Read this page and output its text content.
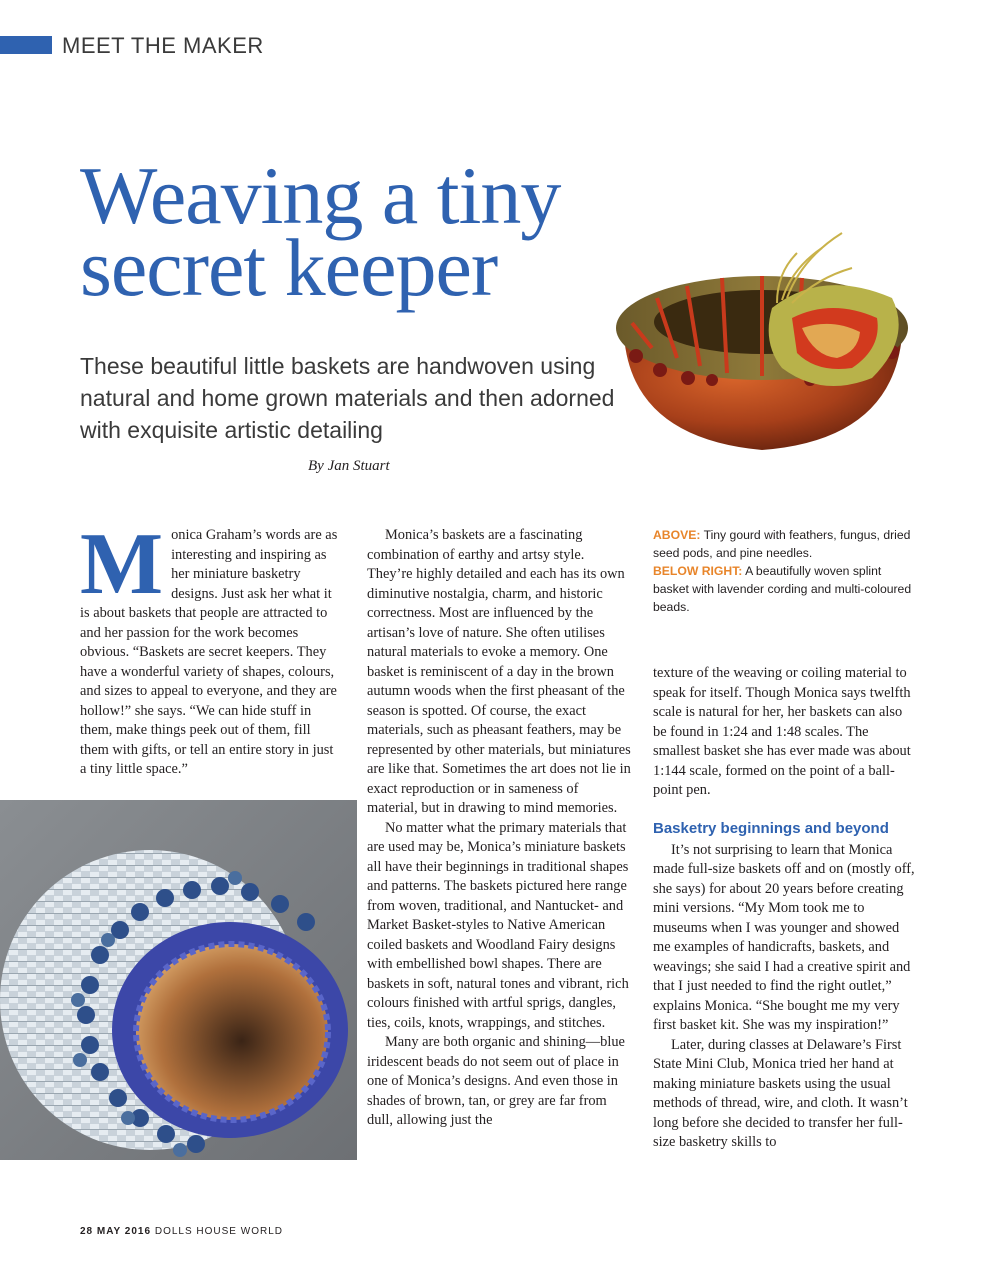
MEET THE MAKER
Weaving a tiny
secret keeper

These beautiful little baskets are handwoven using natural and home grown materials and then adorned with exquisite artistic detailing

By Jan Stuart

M onica Graham’s words are as interesting and inspiring as her miniature basketry designs. Just ask her what it is about baskets that people are attracted to and her passion for the work becomes obvious. “Baskets are secret keepers. They have a wonderful variety of shapes, colours, and sizes to appeal to everyone, and they are hollow!” she says. “We can hide stuff in them, make things peek out of them, fill them with gifts, or tell an entire story in just a tiny little space.”

Monica’s baskets are a fascinating combination of earthy and artsy style. They’re highly detailed and each has its own diminutive nostalgia, charm, and historic correctness. Most are influenced by the artisan’s love of nature. She often utilises natural materials to evoke a memory. One basket is reminiscent of a day in the brown autumn woods when the first pheasant of the season is spotted. Of course, the exact materials, such as pheasant feathers, may be represented by other materials, but miniatures are like that. Sometimes the art does not lie in exact reproduction or in sameness of material, but in drawing to mind memories.

No matter what the primary materials that are used may be, Monica’s miniature baskets all have their beginnings in traditional shapes and patterns. The baskets pictured here range from woven, traditional, and Nantucket- and Market Basket-styles to Native American coiled baskets and Woodland Fairy designs with embellished bowl shapes. There are baskets in soft, natural tones and vibrant, rich colours finished with artful sprigs, dangles, ties, coils, knots, wrappings, and stitches.

Many are both organic and shining—blue iridescent beads do not seem out of place in one of Monica’s designs. And even those in shades of brown, tan, or grey are far from dull, allowing just the

ABOVE: Tiny gourd with feathers, fungus, dried seed pods, and pine needles.

BELOW RIGHT: A beautifully woven splint basket with lavender cording and multi-coloured beads.

texture of the weaving or coiling material to speak for itself. Though Monica says twelfth scale is natural for her, her baskets can also be found in 1:24 and 1:48 scales. The smallest basket she has ever made was about 1:144 scale, formed on the point of a ball-point pen.

Basketry beginnings and beyond

It’s not surprising to learn that Monica made full-size baskets off and on (mostly off, she says) for about 20 years before creating mini versions. “My Mom took me to museums when I was younger and showed me examples of handicrafts, baskets, and weavings; she said I had a creative spirit and that I just needed to find the right outlet,” explains Monica. “She bought me my very first basket kit. She was my inspiration!”

Later, during classes at Delaware’s First State Mini Club, Monica tried her hand at making miniature baskets using the usual methods of thread, wire, and cloth. It wasn’t long before she decided to transfer her full-size basketry skills to

28 MAY 2016 DOLLS HOUSE WORLD
